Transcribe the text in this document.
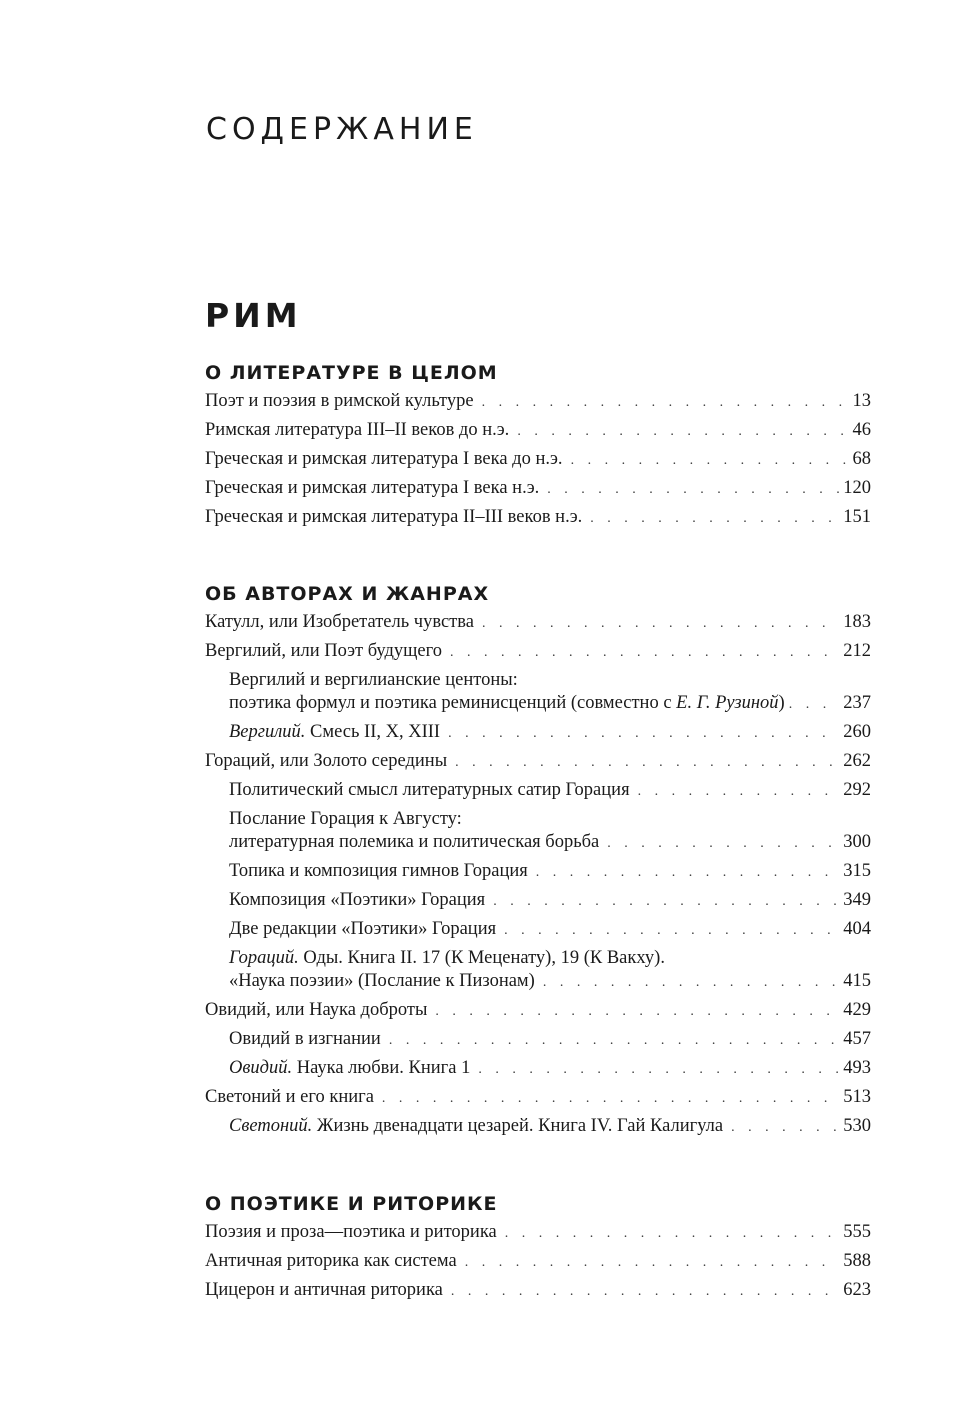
СОДЕРЖАНИЕ
РИМ
О ЛИТЕРАТУРЕ В ЦЕЛОМ
Поэт и поэзия в римской культуре . . .	13
Римская литература III–II веков до н.э. . . .	46
Греческая и римская литература I века до н.э. . . .	68
Греческая и римская литература I века н.э. . . .	120
Греческая и римская литература II–III веков н.э. . . .	151
ОБ АВТОРАХ И ЖАНРАХ
Катулл, или Изобретатель чувства . . .	183
Вергилий, или Поэт будущего . . .	212
Вергилий и вергилианские центоны:
поэтика формул и поэтика реминисценций (совместно с Е. Г. Рузиной) . . .	237
Вергилий. Смесь II, X, XIII . . .	260
Гораций, или Золото середины . . .	262
Политический смысл литературных сатир Горация . . .	292
Послание Горация к Августу:
литературная полемика и политическая борьба . . .	300
Топика и композиция гимнов Горация . . .	315
Композиция «Поэтики» Горация . . .	349
Две редакции «Поэтики» Горация . . .	404
Гораций. Оды. Книга II. 17 (К Меценату), 19 (К Вакху).
«Наука поэзии» (Послание к Пизонам) . . .	415
Овидий, или Наука доброты . . .	429
Овидий в изгнании . . .	457
Овидий. Наука любви. Книга 1 . . .	493
Светоний и его книга . . .	513
Светоний. Жизнь двенадцати цезарей. Книга IV. Гай Калигула . . .	530
О ПОЭТИКЕ И РИТОРИКЕ
Поэзия и проза—поэтика и риторика . . .	555
Античная риторика как система . . .	588
Цицерон и античная риторика . . .	623
